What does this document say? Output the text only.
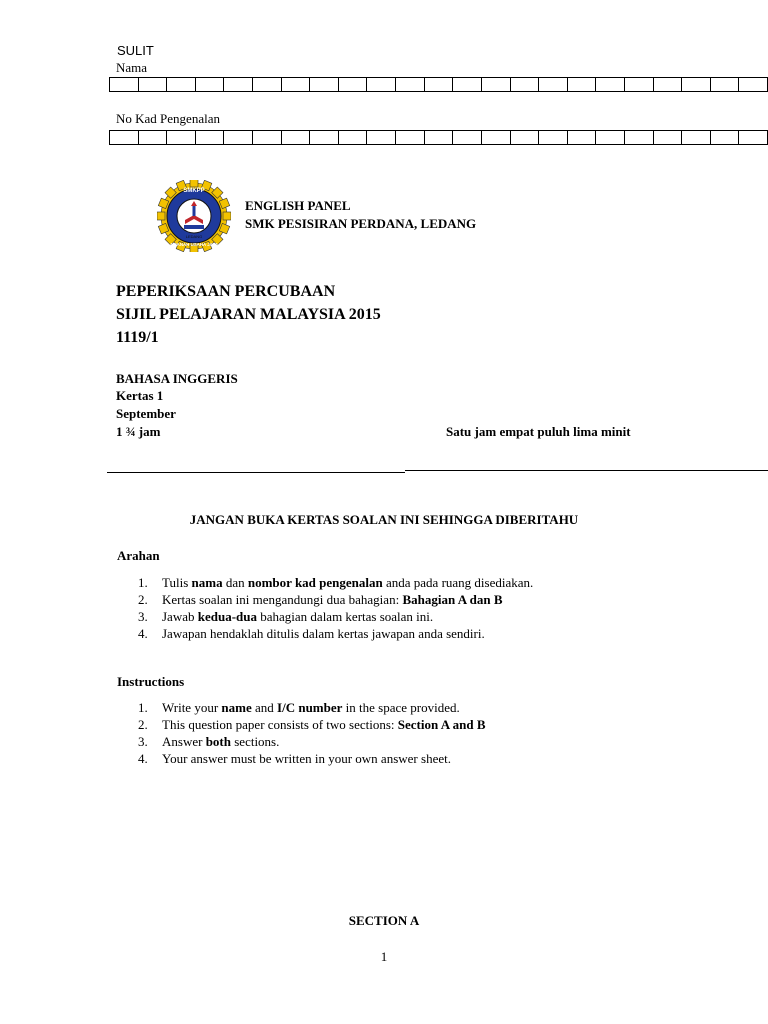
SULIT
Nama
No Kad Pengenalan
SMKPP
LEDANG
AMANAH USAHA JAYA
ENGLISH PANEL
SMK PESISIRAN PERDANA, LEDANG
PEPERIKSAAN PERCUBAAN
SIJIL PELAJARAN MALAYSIA 2015
1119/1
BAHASA INGGERIS
Kertas 1
September
1 ¾ jam	Satu jam empat puluh lima minit
JANGAN BUKA KERTAS SOALAN INI SEHINGGA DIBERITAHU
Arahan
1. Tulis nama dan nombor kad pengenalan anda pada ruang disediakan.
2. Kertas soalan ini mengandungi dua bahagian: Bahagian A dan B
3. Jawab kedua-dua bahagian dalam kertas soalan ini.
4. Jawapan hendaklah ditulis dalam kertas jawapan anda sendiri.
Instructions
1. Write your name and I/C number in the space provided.
2. This question paper consists of two sections: Section A and B
3. Answer both sections.
4. Your answer must be written in your own answer sheet.
SECTION A
1
